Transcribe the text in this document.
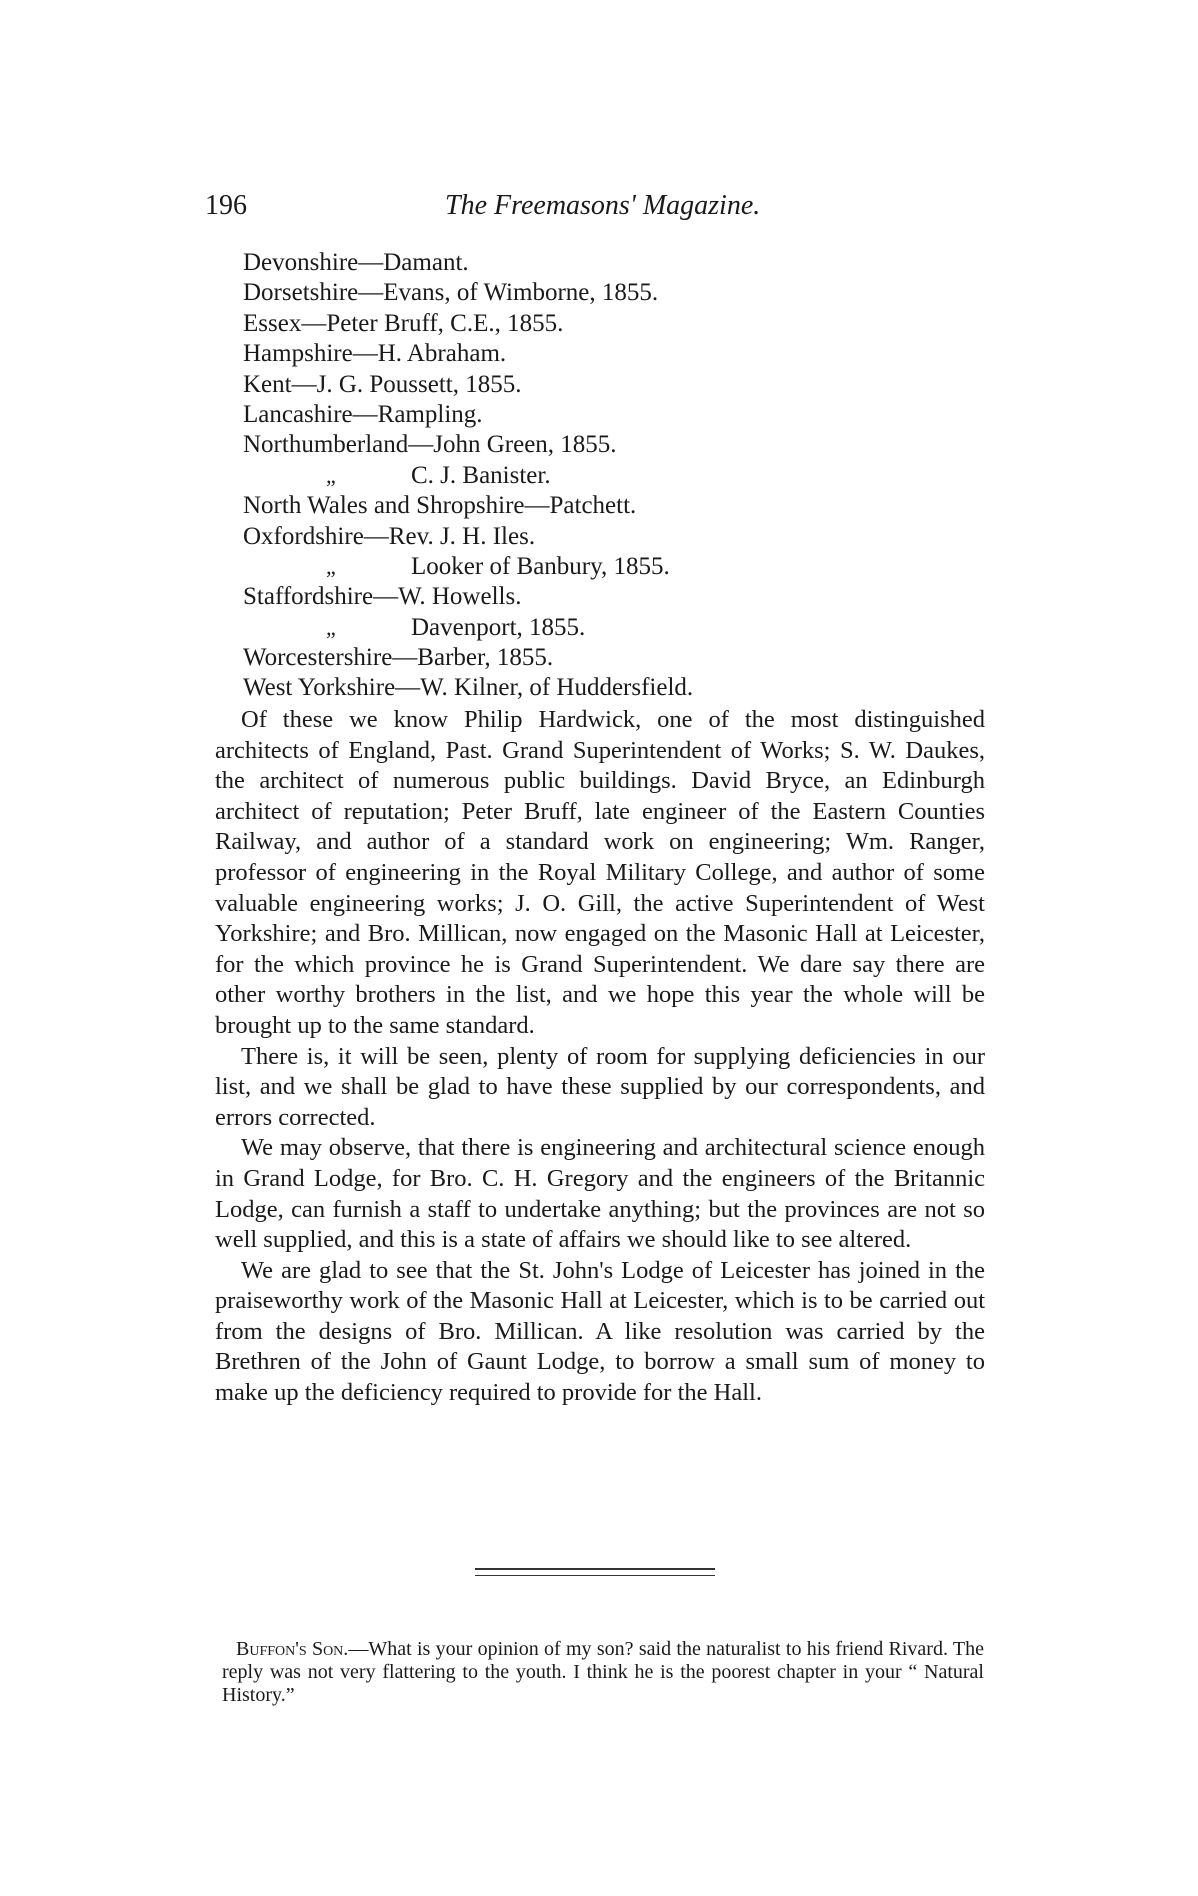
196	The Freemasons' Magazine.
Devonshire—Damant.
Dorsetshire—Evans, of Wimborne, 1855.
Essex—Peter Bruff, C.E., 1855.
Hampshire—H. Abraham.
Kent—J. G. Poussett, 1855.
Lancashire—Rampling.
Northumberland—John Green, 1855.
„	C. J. Banister.
North Wales and Shropshire—Patchett.
Oxfordshire—Rev. J. H. Iles.
„	Looker of Banbury, 1855.
Staffordshire—W. Howells.
„	Davenport, 1855.
Worcestershire—Barber, 1855.
West Yorkshire—W. Kilner, of Huddersfield.

Of these we know Philip Hardwick, one of the most distinguished architects of England, Past. Grand Superintendent of Works; S. W. Daukes, the architect of numerous public buildings. David Bryce, an Edinburgh architect of reputation; Peter Bruff, late engineer of the Eastern Counties Railway, and author of a standard work on engineering; Wm. Ranger, professor of engineering in the Royal Military College, and author of some valuable engineering works; J. O. Gill, the active Superintendent of West Yorkshire; and Bro. Millican, now engaged on the Masonic Hall at Leicester, for the which province he is Grand Superintendent. We dare say there are other worthy brothers in the list, and we hope this year the whole will be brought up to the same standard.

There is, it will be seen, plenty of room for supplying deficiencies in our list, and we shall be glad to have these supplied by our correspondents, and errors corrected.

We may observe, that there is engineering and architectural science enough in Grand Lodge, for Bro. C. H. Gregory and the engineers of the Britannic Lodge, can furnish a staff to undertake anything; but the provinces are not so well supplied, and this is a state of affairs we should like to see altered.

We are glad to see that the St. John's Lodge of Leicester has joined in the praiseworthy work of the Masonic Hall at Leicester, which is to be carried out from the designs of Bro. Millican. A like resolution was carried by the Brethren of the John of Gaunt Lodge, to borrow a small sum of money to make up the deficiency required to provide for the Hall.

Buffon's Son.—What is your opinion of my son? said the naturalist to his friend Rivard. The reply was not very flattering to the youth. I think he is the poorest chapter in your “ Natural History.”
